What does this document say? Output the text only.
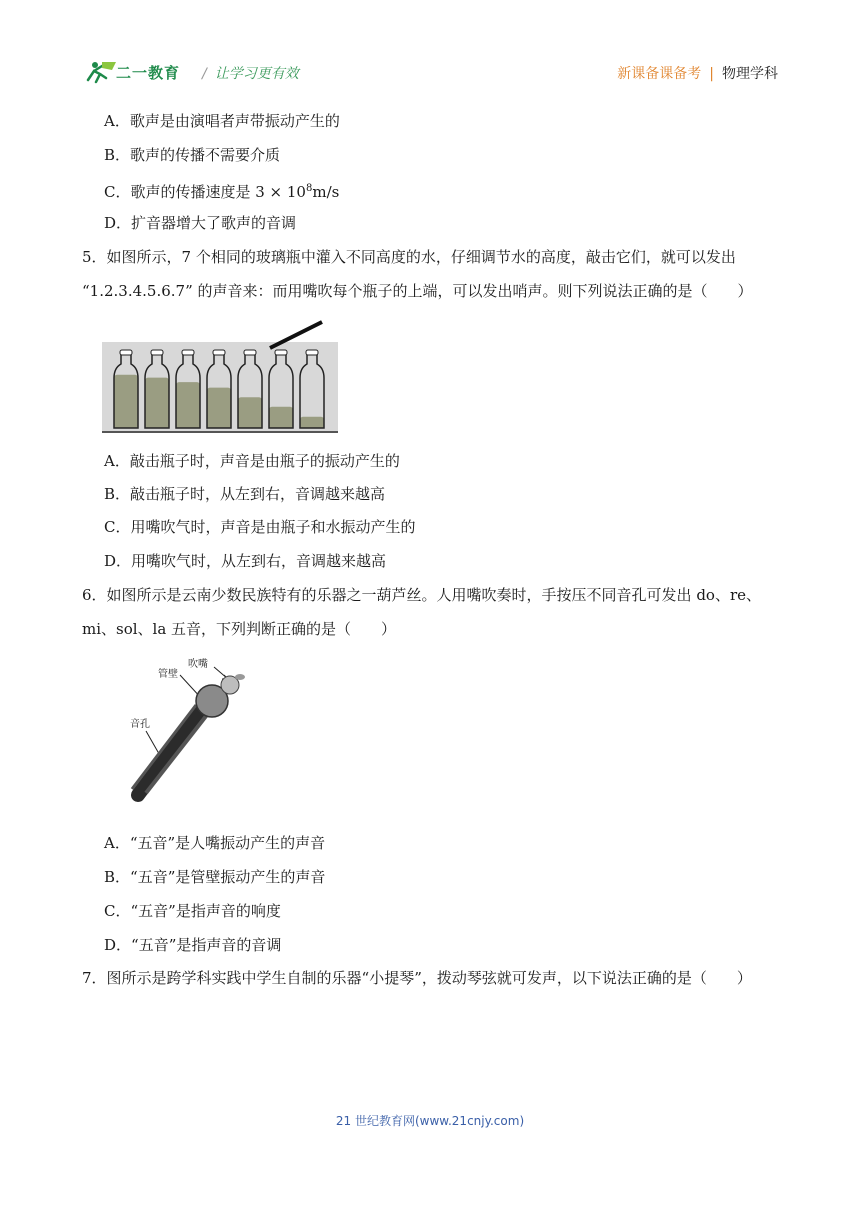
二一教育 / 让学习更有效	新课备课备考 | 物理学科
A．歌声是由演唱者声带振动产生的
B．歌声的传播不需要介质
C．歌声的传播速度是 $3 \times 10^8m/s$
D．扩音器增大了歌声的音调
5．如图所示，7 个相同的玻璃瓶中灌入不同高度的水，仔细调节水的高度，敲击它们，就可以发出
“1.2.3.4.5.6.7” 的声音来：而用嘴吹每个瓶子的上端，可以发出哨声。则下列说法正确的是（　　）
A．敲击瓶子时，声音是由瓶子的振动产生的
B．敲击瓶子时，从左到右，音调越来越高
C．用嘴吹气时，声音是由瓶子和水振动产生的
D．用嘴吹气时，从左到右，音调越来越高
6．如图所示是云南少数民族特有的乐器之一葫芦丝。人用嘴吹奏时，手按压不同音孔可发出 do、re、
mi、sol、la 五音，下列判断正确的是（　　）
管壁
吹嘴
音孔
A．“五音”是人嘴振动产生的声音
B．“五音”是管壁振动产生的声音
C．“五音”是指声音的响度
D．“五音”是指声音的音调
7．图所示是跨学科实践中学生自制的乐器“小提琴”，拨动琴弦就可发声，以下说法正确的是（　　）
21 世纪教育网(www.21cnjy.com)
